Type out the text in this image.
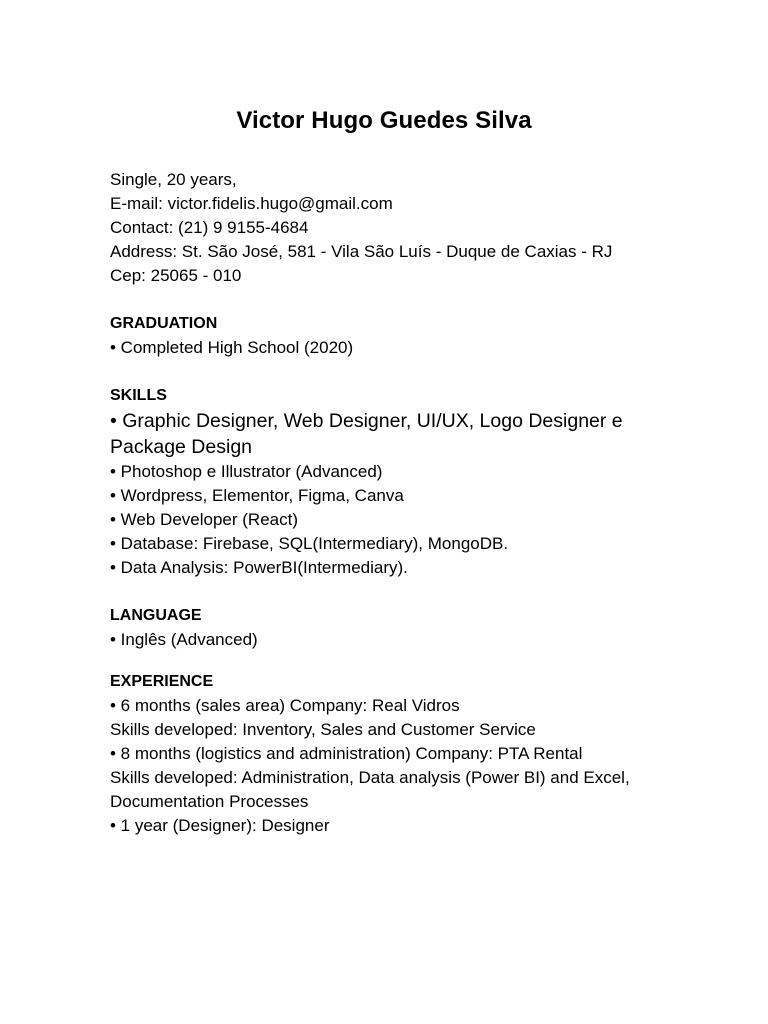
Victor Hugo Guedes Silva
Single, 20 years,
E-mail: victor.fidelis.hugo@gmail.com
Contact: (21) 9 9155-4684
Address: St. São José, 581 - Vila São Luís - Duque de Caxias - RJ
Cep: 25065 - 010
GRADUATION
• Completed High School (2020)
SKILLS
• Graphic Designer, Web Designer, UI/UX, Logo Designer e Package Design
• Photoshop e Illustrator (Advanced)
• Wordpress, Elementor, Figma, Canva
• Web Developer (React)
• Database: Firebase, SQL(Intermediary), MongoDB.
• Data Analysis: PowerBI(Intermediary).
LANGUAGE
• Inglês (Advanced)
EXPERIENCE
• 6 months (sales area) Company: Real Vidros
Skills developed: Inventory, Sales and Customer Service
• 8 months (logistics and administration) Company: PTA Rental
Skills developed: Administration, Data analysis (Power BI) and Excel, Documentation Processes
• 1 year (Designer): Designer
